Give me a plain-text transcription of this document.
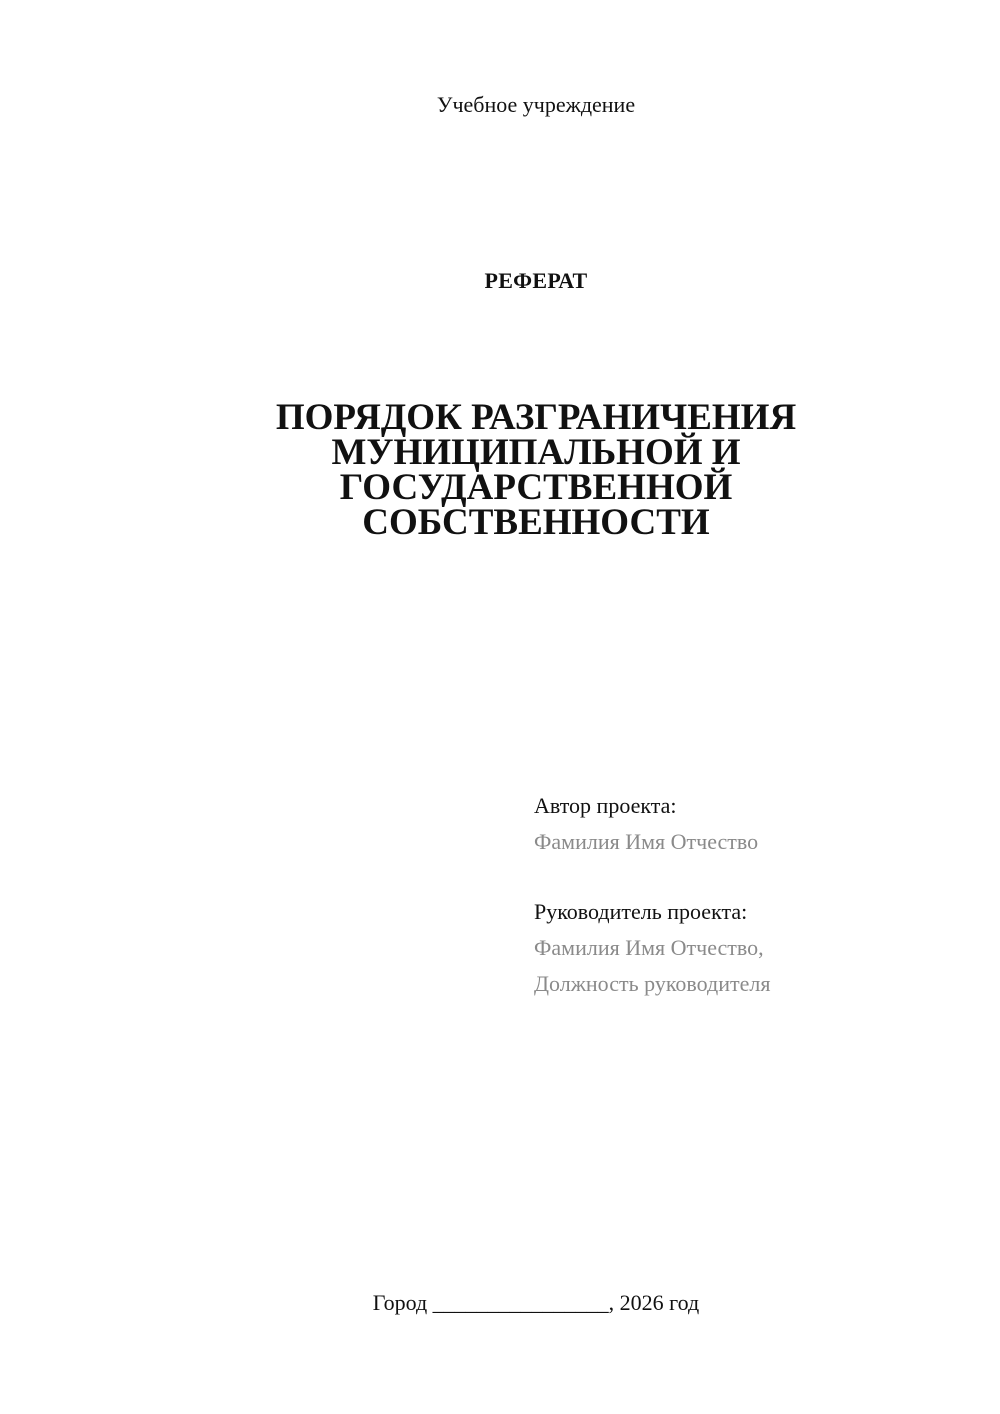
Учебное учреждение
РЕФЕРАТ
ПОРЯДОК РАЗГРАНИЧЕНИЯ
МУНИЦИПАЛЬНОЙ И
ГОСУДАРСТВЕННОЙ
СОБСТВЕННОСТИ
Автор проекта:
Фамилия Имя Отчество
Руководитель проекта:
Фамилия Имя Отчество,
Должность руководителя
Город ________________, 2026 год
